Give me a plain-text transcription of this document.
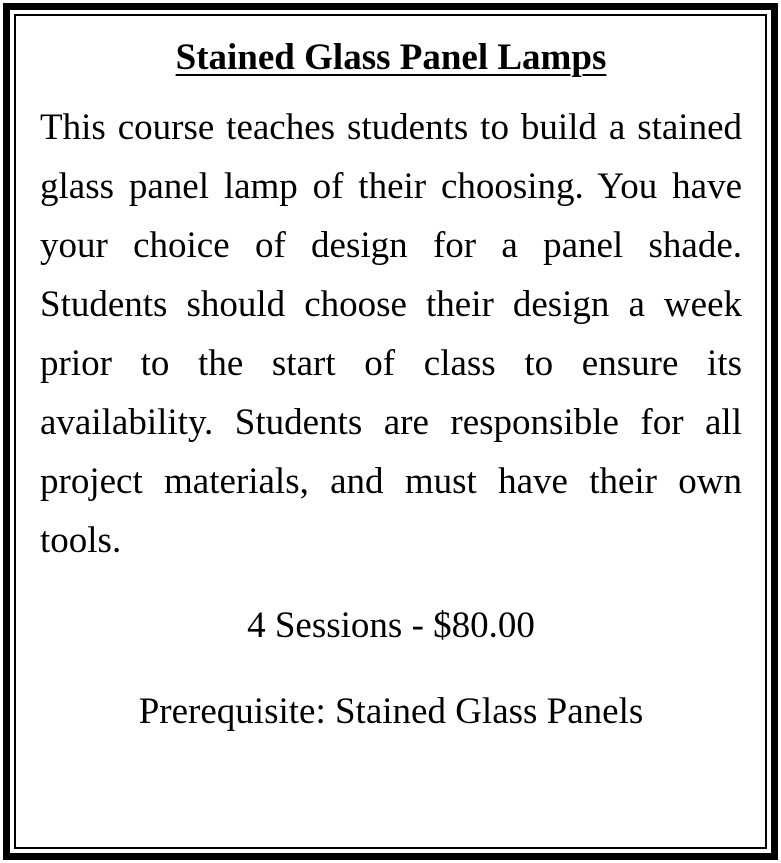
Stained Glass Panel Lamps

This course teaches students to build a stained glass panel lamp of their choosing. You have your choice of design for a panel shade. Students should choose their design a week prior to the start of class to ensure its availability. Students are responsible for all project materials, and must have their own tools.

4 Sessions - $80.00

Prerequisite: Stained Glass Panels
